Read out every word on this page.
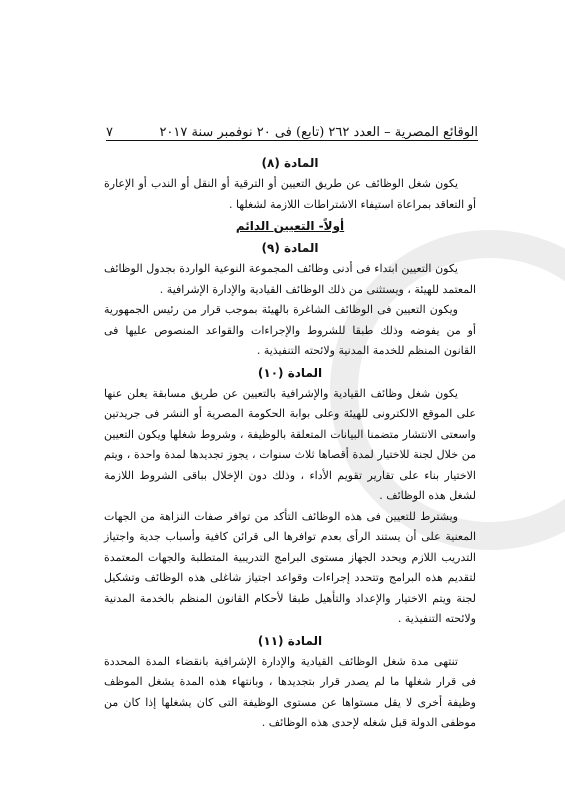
الوقائع المصرية – العدد ٢٦٢ (تابع) فى ٢٠ نوفمبر سنة ٢٠١٧
٧
المادة (٨)

يكون شغل الوظائف عن طريق التعيين أو الترقية أو النقل أو الندب أو الإعارة أو التعاقد بمراعاة استيفاء الاشتراطات اللازمة لشغلها .

أولاً- التعيين الدائم
المادة (٩)

يكون التعيين ابتداء فى أدنى وظائف المجموعة النوعية الواردة بجدول الوظائف المعتمد للهيئة ، ويستثنى من ذلك الوظائف القيادية والإدارة الإشرافية .

ويكون التعيين فى الوظائف الشاغرة بالهيئة بموجب قرار من رئيس الجمهورية أو من يفوضه وذلك طبقا للشروط والإجراءات والقواعد المنصوص عليها فى القانون المنظم للخدمة المدنية ولائحته التنفيذية .

المادة (١٠)

يكون شغل وظائف القيادية والإشرافية بالتعيين عن طريق مسابقة يعلن عنها على الموقع الالكترونى للهيئة وعلى بوابة الحكومة المصرية أو النشر فى جريدتين واسعتى الانتشار متضمنا البيانات المتعلقة بالوظيفة ، وشروط شغلها ويكون التعيين من خلال لجنة للاختيار لمدة أقصاها ثلاث سنوات ، يجوز تجديدها لمدة واحدة ، ويتم الاختيار بناء على تقارير تقويم الأداء ، وذلك دون الإخلال بباقى الشروط اللازمة لشغل هذه الوظائف .

ويشترط للتعيين فى هذه الوظائف التأكد من توافر صفات النزاهة من الجهات المعنية على أن يستند الرأى بعدم توافرها الى قرائن كافية وأسباب جدية واجتياز التدريب اللازم ويحدد الجهاز مستوى البرامج التدريبية المتطلبة والجهات المعتمدة لتقديم هذه البرامج وتتحدد إجراءات وقواعد اجتياز شاغلى هذه الوظائف وتشكيل لجنة ويتم الاختيار والإعداد والتأهيل طبقا لأحكام القانون المنظم بالخدمة المدنية ولائحته التنفيذية .

المادة (١١)

تنتهى مدة شغل الوظائف القيادية والإدارة الإشرافية بانقضاء المدة المحددة فى قرار شغلها ما لم يصدر قرار بتجديدها ، وبانتهاء هذه المدة يشغل الموظف وظيفة أخرى لا يقل مستواها عن مستوى الوظيفة التى كان يشغلها إذا كان من موظفى الدولة قبل شغله لإحدى هذه الوظائف .
